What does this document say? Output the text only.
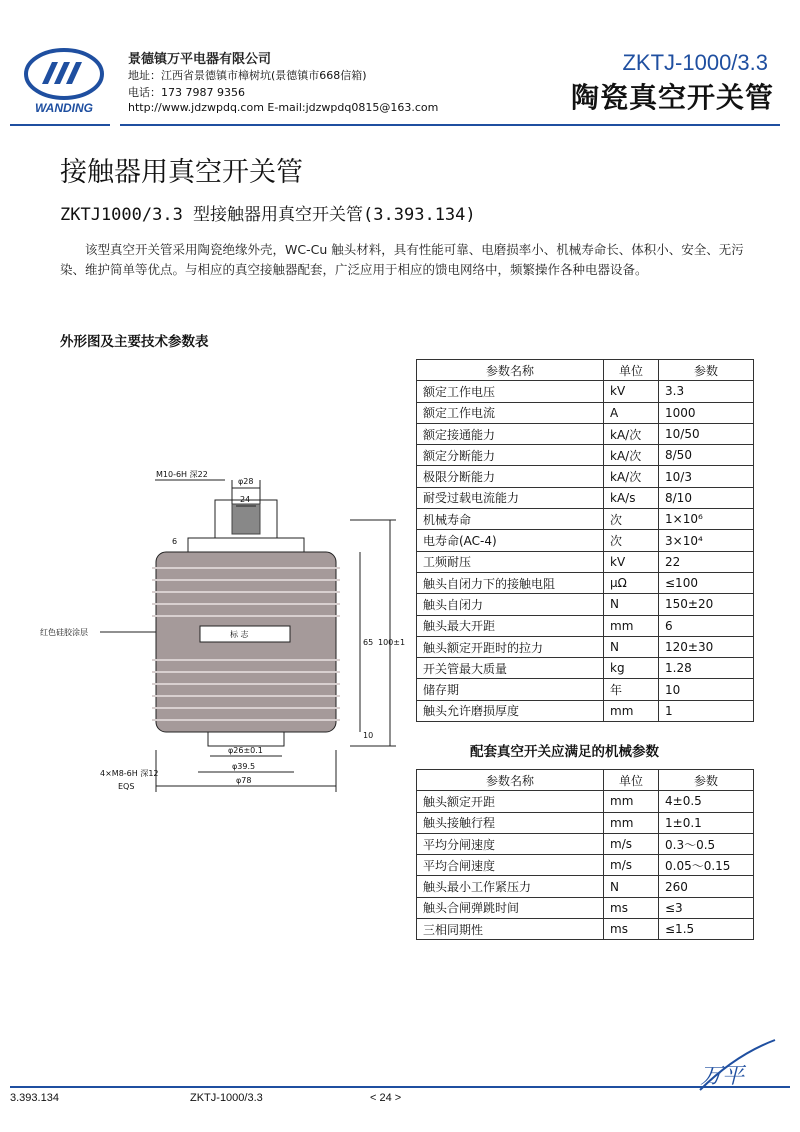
WANDING
景德镇万平电器有限公司
地址：江西省景德镇市樟树坑(景德镇市668信箱)
电话：173 7987 9356
http://www.jdzwpdq.com E-mail:jdzwpdq0815@163.com
ZKTJ-1000/3.3
陶瓷真空开关管
接触器用真空开关管
ZKTJ1000/3.3 型接触器用真空开关管(3.393.134)
该型真空开关管采用陶瓷绝缘外壳，WC-Cu 触头材料，具有性能可靠、电磨损率小、机械寿命长、体积小、安全、无污染、维护简单等优点。与相应的真空接触器配套，广泛应用于相应的馈电网络中，频繁操作各种电器设备。
外形图及主要技术参数表
M10-6H 深22
φ28
24
6
红色硅胶涂层	标 志
65 100±1
10
φ26±0.1
φ39.5
φ78
4×M8-6H 深12
EQS
参数名称	单位	参数
额定工作电压	kV	3.3
额定工作电流	A	1000
额定接通能力	kA/次	10/50
额定分断能力	kA/次	8/50
极限分断能力	kA/次	10/3
耐受过载电流能力	kA/s	8/10
机械寿命	次	1×10⁶
电寿命(AC-4)	次	3×10⁴
工频耐压	kV	22
触头自闭力下的接触电阻	μΩ	≤100
触头自闭力	N	150±20
触头最大开距	mm	6
触头额定开距时的拉力	N	120±30
开关管最大质量	kg	1.28
储存期	年	10
触头允许磨损厚度	mm	1
配套真空开关应满足的机械参数
参数名称	单位	参数
触头额定开距	mm	4±0.5
触头接触行程	mm	1±0.1
平均分闸速度	m/s	0.3～0.5
平均合闸速度	m/s	0.05～0.15
触头最小工作紧压力	N	260
触头合闸弹跳时间	ms	≤3
三相同期性	ms	≤1.5
3.393.134	ZKTJ-1000/3.3	< 24 >
万平
